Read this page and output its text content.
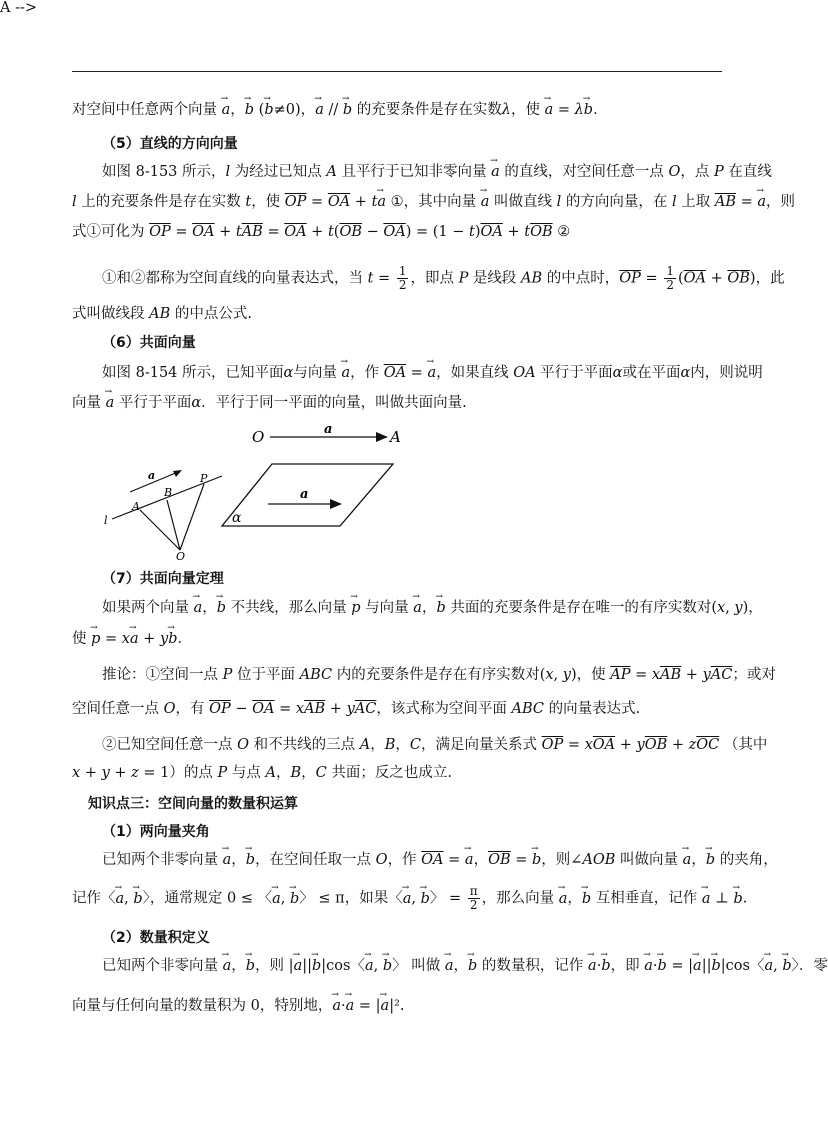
对空间中任意两个向量 → a，→ b (→ b≠0)，→ a // → b 的充要条件是存在实数λ，使 → a = λ→ b．
（5）直线的方向向量
如图 8-153 所示，l 为经过已知点 A 且平行于已知非零向量 → a 的直线，对空间任意一点 O，点 P 在直线
l 上的充要条件是存在实数 t，使 $\overline{OP} = \overline{OA} + t\to a$ ①，其中向量 → a 叫做直线 l 的方向向量，在 l 上取 $\overline{AB}$ = → a，则
式①可化为 $\overline{OP} = \overline{OA} + t\overline{AB} = \overline{OA} + t(\overline{OB} - \overline{OA}) = (1 - t)\overline{OA} + t\overline{OB}$ ②
①和②都称为空间直线的向量表达式，当 $t = \frac{1}{2}$ ，即点 P 是线段 AB 的中点时，$\overline{OP} = \frac{1}{2} (\overline{OA} + \overline{OB})$，此
式叫做线段 AB 的中点公式.
（6）共面向量
如图 8-154 所示，已知平面α与向量 → a，作 $\overline{OA}$ = → a，如果直线 OA 平行于平面α或在平面α内，则说明
向量 → a 平行于平面α．平行于同一平面的向量，叫做共面向量.
A -->
O	a	A
a
A
B
P
l
O
a
α
（7）共面向量定理
如果两个向量 → a，→ b 不共线，那么向量 → p 与向量 → a，→ b 共面的充要条件是存在唯一的有序实数对(x, y)，
使 → p = x→ a + y→ b．
推论：①空间一点 P 位于平面 ABC 内的充要条件是存在有序实数对(x, y)，使 $\overline{AP} = x\overline{AB} + y\overline{AC}$；或对
空间任意一点 O，有 $\overline{OP} - \overline{OA} = x\overline{AB} + y\overline{AC}$，该式称为空间平面 ABC 的向量表达式.
②已知空间任意一点 O 和不共线的三点 A，B，C，满足向量关系式 $\overline{OP} = x\overline{OA} + y\overline{OB} + z\overline{OC}$ （其中
x + y + z = 1）的点 P 与点 A，B，C 共面；反之也成立.
知识点三：空间向量的数量积运算
（1）两向量夹角
已知两个非零向量 → a，→ b，在空间任取一点 O，作 $\overline{OA}$ = → a，$\overline{OB}$ = → b，则∠AOB 叫做向量 → a，→ b 的夹角，
记作〈→ a, → b〉，通常规定 0 ≤ 〈→ a, → b〉 ≤ π，如果〈→ a, → b〉 = $\frac{\pi}{2}$ ，那么向量 → a，→ b 互相垂直，记作 → a ⊥ → b.
（2）数量积定义
已知两个非零向量 → a，→ b，则 |→ a||→ b|cos〈→ a, → b〉 叫做 → a，→ b 的数量积，记作 → a·→ b，即 → a·→ b = |→ a||→ b|cos〈→ a, → b〉．零
向量与任何向量的数量积为 0，特别地，→ a·→ a = |→ a|².
